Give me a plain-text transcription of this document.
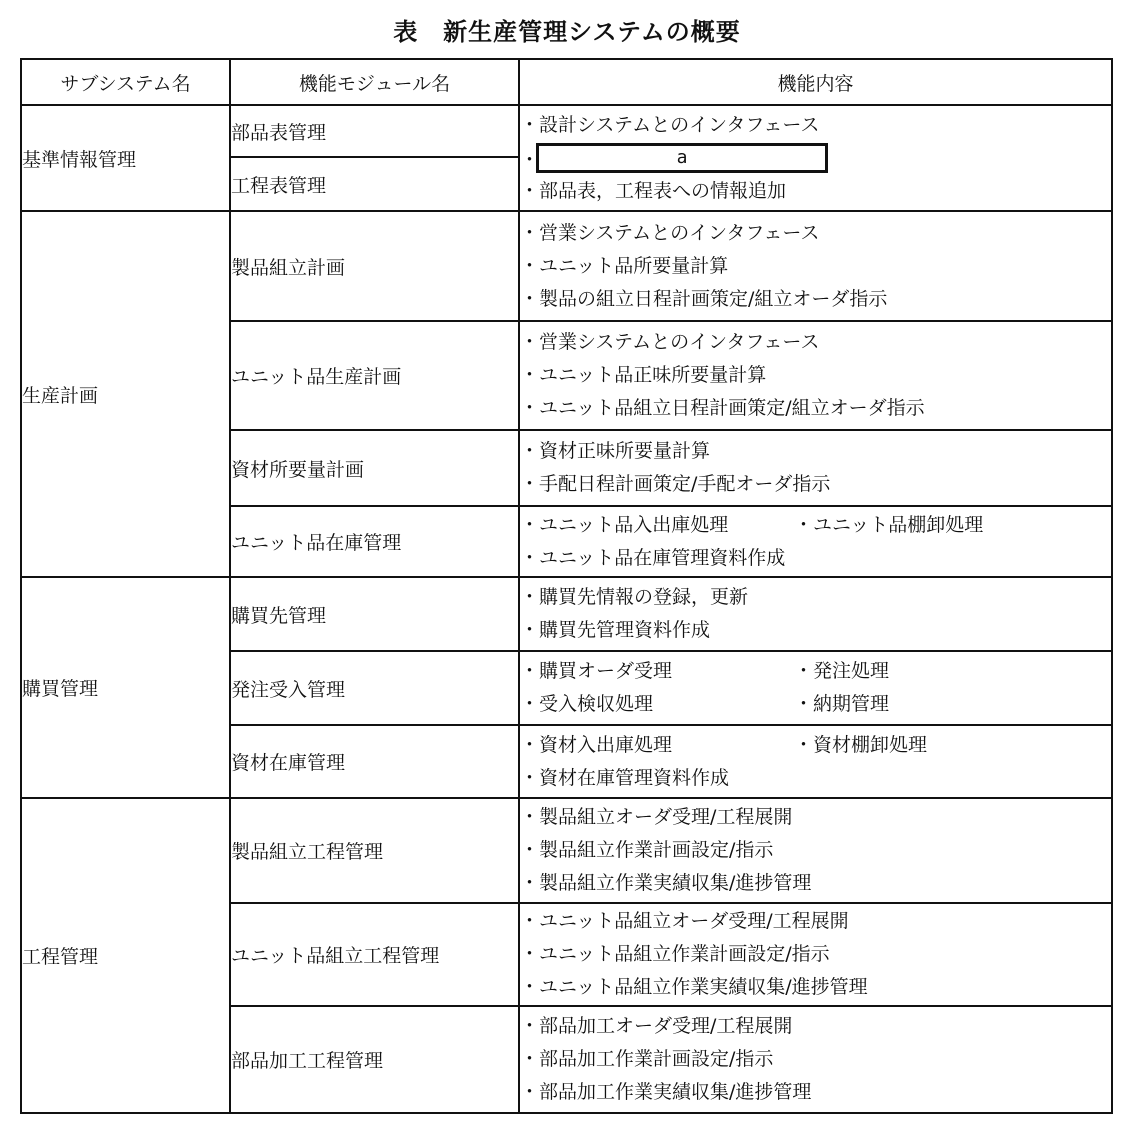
表　新生産管理システムの概要
サブシステム名	機能モジュール名	機能内容
基準情報管理	部品表管理	・設計システムとのインタフェース
・ a
・部品表，工程表への情報追加

	工程表管理	
生産計画	製品組立計画	・営業システムとのインタフェース
・ユニット品所要量計算
・製品の組立日程計画策定/組立オーダ指示

	ユニット品生産計画	・営業システムとのインタフェース
・ユニット品正味所要量計算
・ユニット品組立日程計画策定/組立オーダ指示

	資材所要量計画	・資材正味所要量計算
・手配日程計画策定/手配オーダ指示

	ユニット品在庫管理	・ユニット品入出庫処理 ・ユニット品棚卸処理
・ユニット品在庫管理資料作成

購買管理	購買先管理	・購買先情報の登録，更新
・購買先管理資料作成

	発注受入管理	・購買オーダ受理 ・発注処理
・受入検収処理 ・納期管理

	資材在庫管理	・資材入出庫処理 ・資材棚卸処理
・資材在庫管理資料作成

工程管理	製品組立工程管理	・製品組立オーダ受理/工程展開
・製品組立作業計画設定/指示
・製品組立作業実績収集/進捗管理

	ユニット品組立工程管理	・ユニット品組立オーダ受理/工程展開
・ユニット品組立作業計画設定/指示
・ユニット品組立作業実績収集/進捗管理

	部品加工工程管理	・部品加工オーダ受理/工程展開
・部品加工作業計画設定/指示
・部品加工作業実績収集/進捗管理
